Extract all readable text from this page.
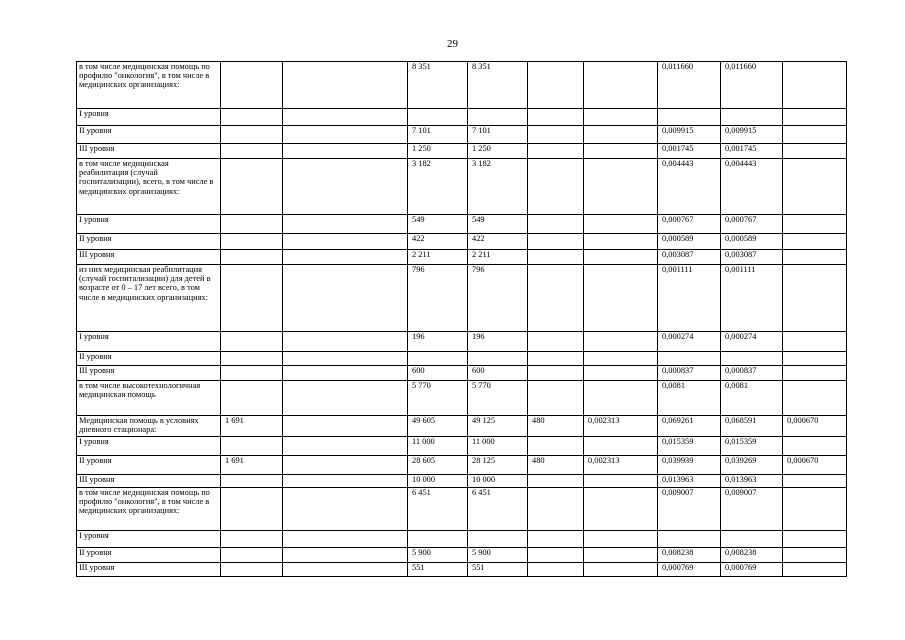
29
в том числе медицинская помощь по профилю "онкология", в том числе в медицинских организациях:			8 351	8 351			0,011660	0,011660	
I уровня									
II уровня			7 101	7 101			0,009915	0,009915	
III уровня			1 250	1 250			0,001745	0,001745	
в том числе медицинская реабилитация (случай госпитализации), всего, в том числе в медицинских организациях:			3 182	3 182			0,004443	0,004443	
I уровня			549	549			0,000767	0,000767	
II уровня			422	422			0,000589	0,000589	
III уровня			2 211	2 211			0,003087	0,003087	
из них медицинская реабилитация (случай госпитализации) для детей в возрасте от 0 – 17 лет всего, в том числе в медицинских организациях:			796	796			0,001111	0,001111	
I уровня			196	196			0,000274	0,000274	
II уровня									
III уровня			600	600			0,000837	0,000837	
в том числе высокотехнологичная медицинская помощь			5 770	5 770			0,0081	0,0081	
Медицинская помощь в условиях дневного стационара:	1 691		49 605	49 125	480	0,002313	0,069261	0,068591	0,000670
I уровня			11 000	11 000			0,015359	0,015359	
II уровня	1 691		28 605	28 125	480	0,002313	0,039939	0,039269	0,000670
III уровня			10 000	10 000			0,013963	0,013963	
в том числе медицинская помощь по профилю "онкология", в том числе в медицинских организациях:			6 451	6 451			0,009007	0,009007	
I уровня									
II уровня			5 900	5 900			0,008238	0,008238	
III уровня			551	551			0,000769	0,000769	
